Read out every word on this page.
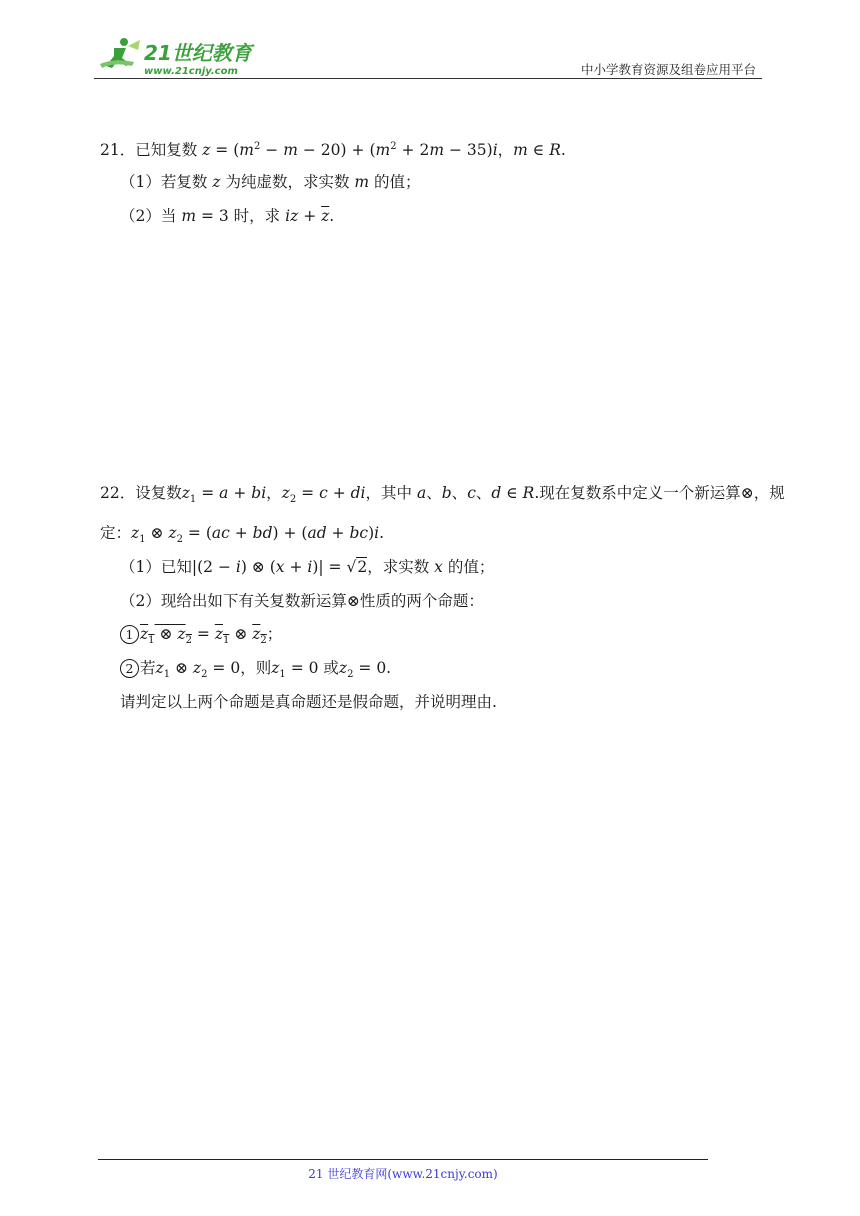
21世纪教育
www.21cnjy.com	中小学教育资源及组卷应用平台
21．已知复数 $z = (m^2 - m - 20) + (m^2 + 2m - 35)i$，m ∈ R.
（1）若复数 z 为纯虚数，求实数 m 的值；
（2）当 m = 3 时，求 iz + $\overline{z}$.
22．设复数$z_1 = a$ + bi，$z_2 = c$ + di，其中 a、b、c、d ∈ R.现在复数系中定义一个新运算⊗，规
定：$z_1$ ⊗ $z_2 = (ac + bd) + (ad + bc)i$.
（1）已知|(2 − i) ⊗ (x + i)| = √2，求实数 x 的值；
（2）现给出如下有关复数新运算⊗性质的两个命题：
1 $z_1$ ⊗ $z_2 = z_1$ ⊗ $z_2$；
2 若$z_1$ ⊗ $z_2 = 0$，则$z_1 = 0$ 或$z_2 = 0$.
请判定以上两个命题是真命题还是假命题，并说明理由.
21 世纪教育网(www.21cnjy.com)
